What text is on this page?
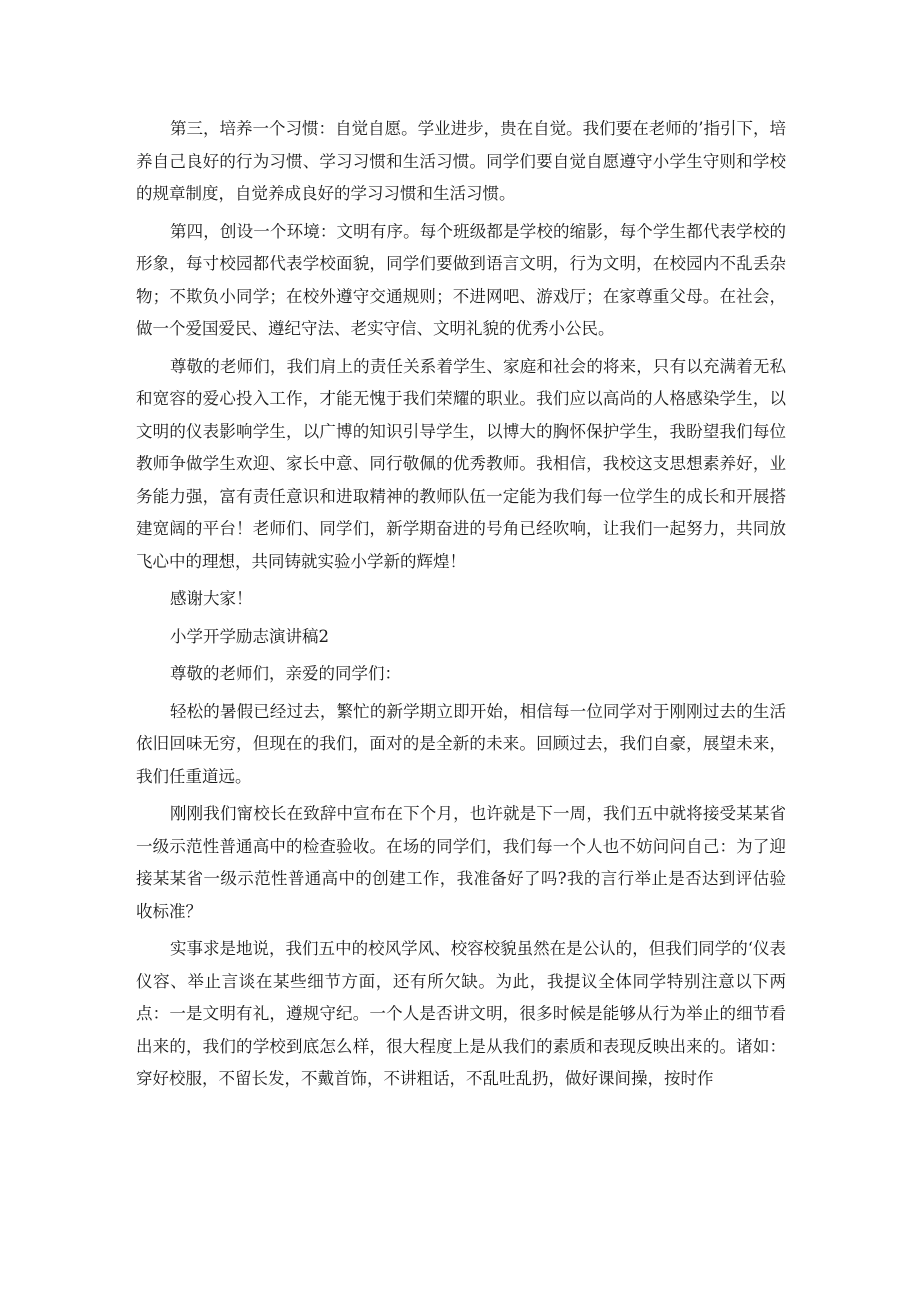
第三，培养一个习惯：自觉自愿。学业进步，贵在自觉。我们要在老师的’指引下，培养自己良好的行为习惯、学习习惯和生活习惯。同学们要自觉自愿遵守小学生守则和学校的规章制度，自觉养成良好的学习习惯和生活习惯。

第四，创设一个环境：文明有序。每个班级都是学校的缩影，每个学生都代表学校的形象，每寸校园都代表学校面貌，同学们要做到语言文明，行为文明，在校园内不乱丢杂物；不欺负小同学；在校外遵守交通规则；不进网吧、游戏厅；在家尊重父母。在社会，做一个爱国爱民、遵纪守法、老实守信、文明礼貌的优秀小公民。

尊敬的老师们，我们肩上的责任关系着学生、家庭和社会的将来，只有以充满着无私和宽容的爱心投入工作，才能无愧于我们荣耀的职业。我们应以高尚的人格感染学生，以文明的仪表影响学生，以广博的知识引导学生，以博大的胸怀保护学生，我盼望我们每位教师争做学生欢迎、家长中意、同行敬佩的优秀教师。我相信，我校这支思想素养好，业务能力强，富有责任意识和进取精神的教师队伍一定能为我们每一位学生的成长和开展搭建宽阔的平台！老师们、同学们，新学期奋进的号角已经吹响，让我们一起努力，共同放飞心中的理想，共同铸就实验小学新的辉煌！

感谢大家！

小学开学励志演讲稿2

尊敬的老师们，亲爱的同学们：

轻松的暑假已经过去，繁忙的新学期立即开始，相信每一位同学对于刚刚过去的生活依旧回味无穷，但现在的我们，面对的是全新的未来。回顾过去，我们自豪，展望未来，我们任重道远。

刚刚我们甯校长在致辞中宣布在下个月，也许就是下一周，我们五中就将接受某某省一级示范性普通高中的检查验收。在场的同学们，我们每一个人也不妨问问自己：为了迎接某某省一级示范性普通高中的创建工作，我准备好了吗?我的言行举止是否达到评估验收标准？

实事求是地说，我们五中的校风学风、校容校貌虽然在是公认的，但我们同学的‘仪表仪容、举止言谈在某些细节方面，还有所欠缺。为此，我提议全体同学特别注意以下两点：一是文明有礼，遵规守纪。一个人是否讲文明，很多时候是能够从行为举止的细节看出来的，我们的学校到底怎么样，很大程度上是从我们的素质和表现反映出来的。诸如：穿好校服，不留长发，不戴首饰，不讲粗话，不乱吐乱扔，做好课间操，按时作
